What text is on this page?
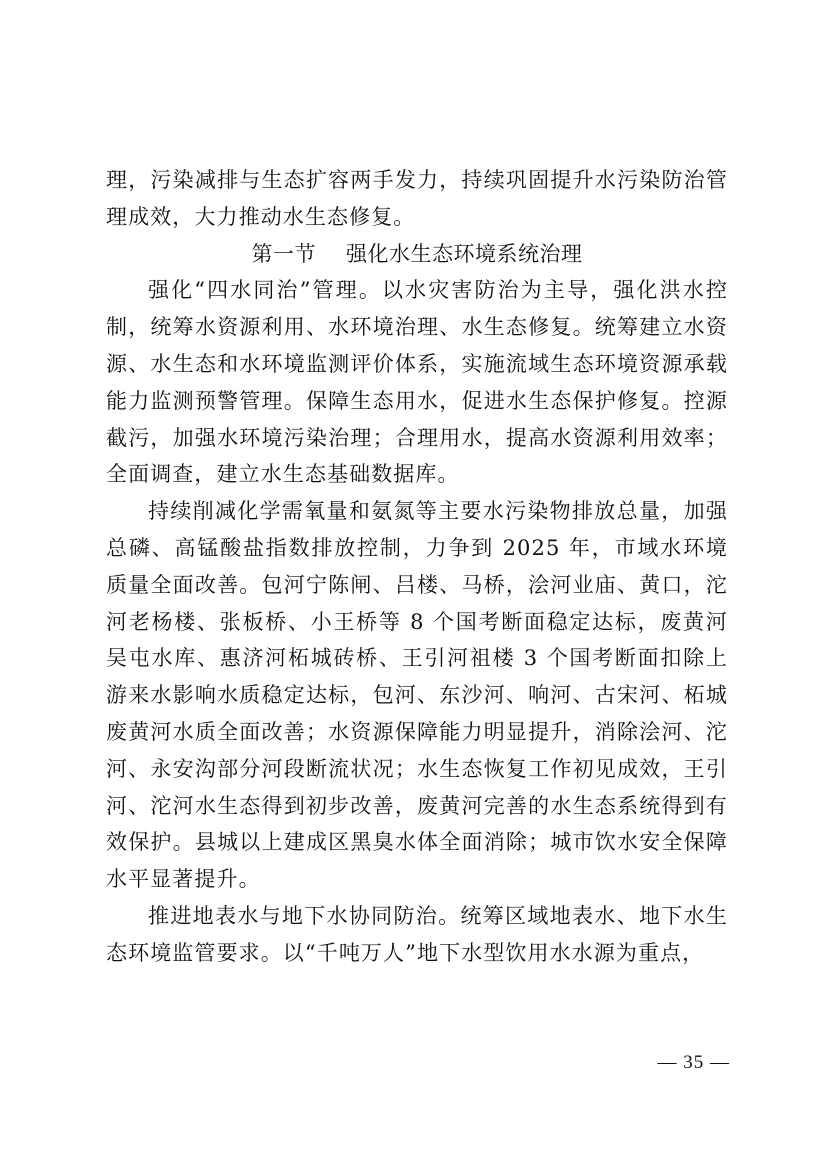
理，污染减排与生态扩容两手发力，持续巩固提升水污染防治管理成效，大力推动水生态修复。

第一节 强化水生态环境系统治理

强化“四水同治”管理。以水灾害防治为主导，强化洪水控制，统筹水资源利用、水环境治理、水生态修复。统筹建立水资源、水生态和水环境监测评价体系，实施流域生态环境资源承载能力监测预警管理。保障生态用水，促进水生态保护修复。控源截污，加强水环境污染治理；合理用水，提高水资源利用效率；全面调查，建立水生态基础数据库。

持续削减化学需氧量和氨氮等主要水污染物排放总量，加强总磷、高锰酸盐指数排放控制，力争到 2025 年，市域水环境质量全面改善。包河宁陈闸、吕楼、马桥，浍河业庙、黄口，沱河老杨楼、张板桥、小王桥等 8 个国考断面稳定达标，废黄河吴屯水库、惠济河柘城砖桥、王引河祖楼 3 个国考断面扣除上游来水影响水质稳定达标，包河、东沙河、响河、古宋河、柘城废黄河水质全面改善；水资源保障能力明显提升，消除浍河、沱河、永安沟部分河段断流状况；水生态恢复工作初见成效，王引河、沱河水生态得到初步改善，废黄河完善的水生态系统得到有效保护。县城以上建成区黑臭水体全面消除；城市饮水安全保障水平显著提升。

推进地表水与地下水协同防治。统筹区域地表水、地下水生态环境监管要求。以“千吨万人”地下水型饮用水水源为重点，

— 35 —
